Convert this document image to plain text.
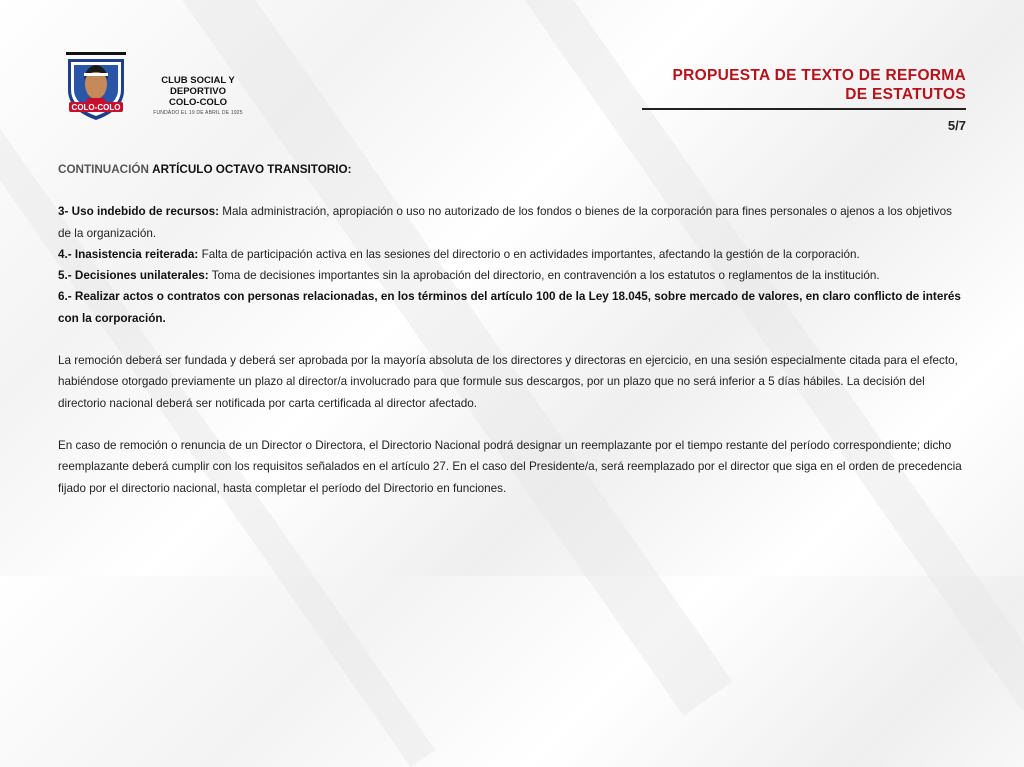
COLO-COLO
CLUB SOCIAL Y DEPORTIVO
COLO-COLO
FUNDADO EL 19 DE ABRIL DE 1925
PROPUESTA DE TEXTO DE REFORMA
DE ESTATUTOS
5/7

CONTINUACIÓN ARTÍCULO OCTAVO TRANSITORIO:

3- Uso indebido de recursos: Mala administración, apropiación o uso no autorizado de los fondos o bienes de la corporación para fines personales o ajenos a los objetivos de la organización.

4.- Inasistencia reiterada: Falta de participación activa en las sesiones del directorio o en actividades importantes, afectando la gestión de la corporación.

5.- Decisiones unilaterales: Toma de decisiones importantes sin la aprobación del directorio, en contravención a los estatutos o reglamentos de la institución.

6.- Realizar actos o contratos con personas relacionadas, en los términos del artículo 100 de la Ley 18.045, sobre mercado de valores, en claro conflicto de interés con la corporación.

La remoción deberá ser fundada y deberá ser aprobada por la mayoría absoluta de los directores y directoras en ejercicio, en una sesión especialmente citada para el efecto, habiéndose otorgado previamente un plazo al director/a involucrado para que formule sus descargos, por un plazo que no será inferior a 5 días hábiles. La decisión del directorio nacional deberá ser notificada por carta certificada al director afectado.

En caso de remoción o renuncia de un Director o Directora, el Directorio Nacional podrá designar un reemplazante por el tiempo restante del período correspondiente; dicho reemplazante deberá cumplir con los requisitos señalados en el artículo 27. En el caso del Presidente/a, será reemplazado por el director que siga en el orden de precedencia fijado por el directorio nacional, hasta completar el período del Directorio en funciones.
